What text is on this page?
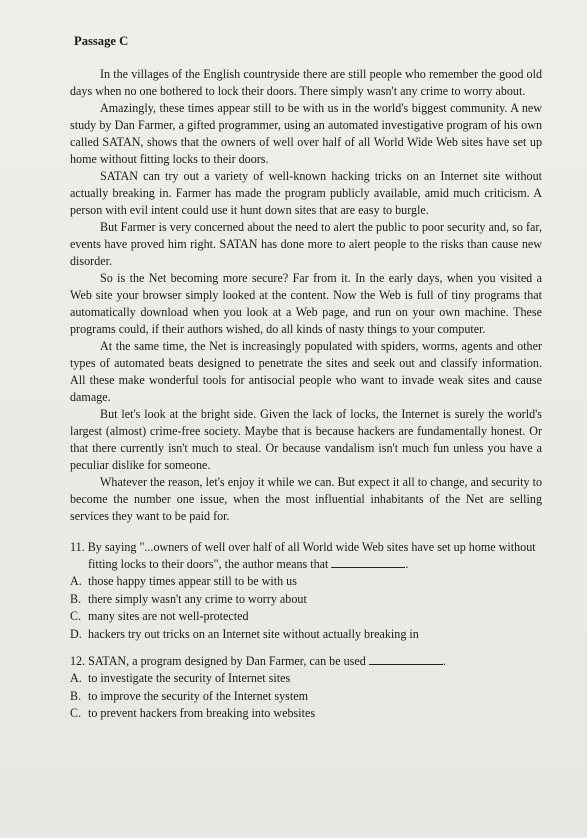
Passage C

In the villages of the English countryside there are still people who remember the good old days when no one bothered to lock their doors. There simply wasn't any crime to worry about.

Amazingly, these times appear still to be with us in the world's biggest community. A new study by Dan Farmer, a gifted programmer, using an automated investigative program of his own called SATAN, shows that the owners of well over half of all World Wide Web sites have set up home without fitting locks to their doors.

SATAN can try out a variety of well-known hacking tricks on an Internet site without actually breaking in. Farmer has made the program publicly available, amid much criticism. A person with evil intent could use it hunt down sites that are easy to burgle.

But Farmer is very concerned about the need to alert the public to poor security and, so far, events have proved him right. SATAN has done more to alert people to the risks than cause new disorder.

So is the Net becoming more secure? Far from it. In the early days, when you visited a Web site your browser simply looked at the content. Now the Web is full of tiny programs that automatically download when you look at a Web page, and run on your own machine. These programs could, if their authors wished, do all kinds of nasty things to your computer.

At the same time, the Net is increasingly populated with spiders, worms, agents and other types of automated beats designed to penetrate the sites and seek out and classify information. All these make wonderful tools for antisocial people who want to invade weak sites and cause damage.

But let's look at the bright side. Given the lack of locks, the Internet is surely the world's largest (almost) crime-free society. Maybe that is because hackers are fundamentally honest. Or that there currently isn't much to steal. Or because vandalism isn't much fun unless you have a peculiar dislike for someone.

Whatever the reason, let's enjoy it while we can. But expect it all to change, and security to become the number one issue, when the most influential inhabitants of the Net are selling services they want to be paid for.

11. By saying "...owners of well over half of all World wide Web sites have set up home without fitting locks to their doors", the author means that	.

A. those happy times appear still to be with us
B. there simply wasn't any crime to worry about
C. many sites are not well-protected
D. hackers try out tricks on an Internet site without actually breaking in

12. SATAN, a program designed by Dan Farmer, can be used	.

A. to investigate the security of Internet sites
B. to improve the security of the Internet system
C. to prevent hackers from breaking into websites
